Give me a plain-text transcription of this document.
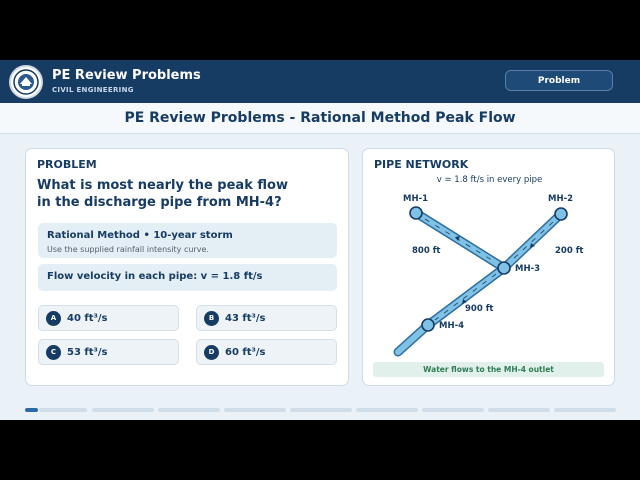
PE Review Problems
CIVIL ENGINEERING
Problem
PE Review Problems - Rational Method Peak Flow
PROBLEM
What is most nearly the peak flow
in the discharge pipe from MH-4?
Rational Method • 10-year storm
Use the supplied rainfall intensity curve.
Flow velocity in each pipe: v = 1.8 ft/s
A	40 ft³/s	B	43 ft³/s
C	53 ft³/s	D	60 ft³/s
MH-1	MH-2
MH-3
MH-4
800 ft	200 ft
900 ft
PIPE NETWORK
v = 1.8 ft/s in every pipe
Water flows to the MH-4 outlet
